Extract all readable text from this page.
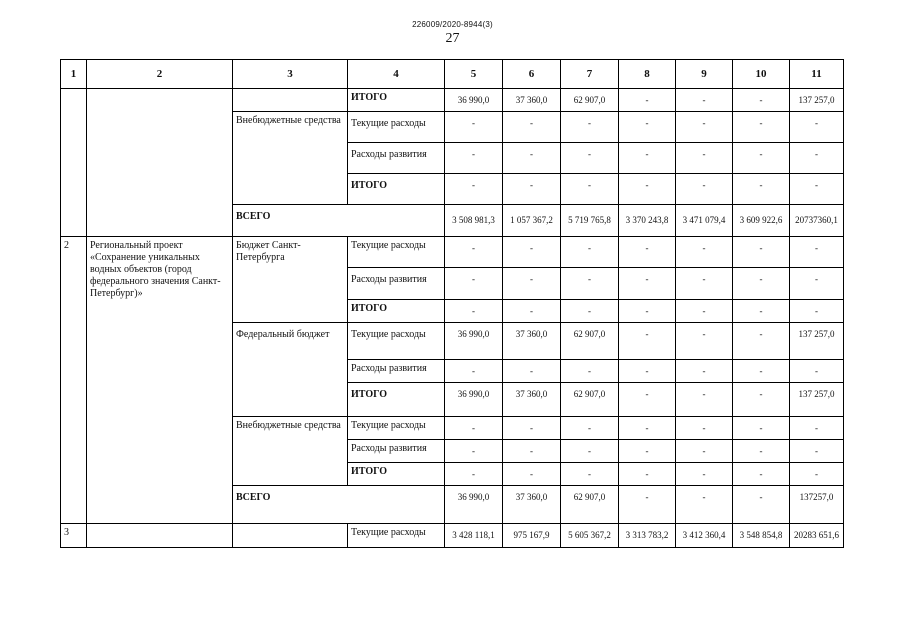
226009/2020-8944(3)
27
1	2	3	4	5	6	7	8	9	10	11
			ИТОГО	36 990,0	37 360,0	62 907,0	-	-	-	137 257,0
		Внебюджетные средства	Текущие расходы	-	-	-	-	-	-	-
			Расходы развития	-	-	-	-	-	-	-
			ИТОГО	-	-	-	-	-	-	-
		ВСЕГО		3 508 981,3	1 057 367,2	5 719 765,8	3 370 243,8	3 471 079,4	3 609 922,6	20737360,1
2	Региональный проект «Сохранение уникальных водных объектов (город федерального значения Санкт-Петербург)»	Бюджет Санкт-Петербурга	Текущие расходы	-	-	-	-	-	-	-
			Расходы развития	-	-	-	-	-	-	-
			ИТОГО	-	-	-	-	-	-	-
		Федеральный бюджет	Текущие расходы	36 990,0	37 360,0	62 907,0	-	-	-	137 257,0
			Расходы развития	-	-	-	-	-	-	-
			ИТОГО	36 990,0	37 360,0	62 907,0	-	-	-	137 257,0
		Внебюджетные средства	Текущие расходы	-	-	-	-	-	-	-
			Расходы развития	-	-	-	-	-	-	-
			ИТОГО	-	-	-	-	-	-	-
		ВСЕГО		36 990,0	37 360,0	62 907,0	-	-	-	137257,0
3			Текущие расходы	3 428 118,1	975 167,9	5 605 367,2	3 313 783,2	3 412 360,4	3 548 854,8	20283 651,6
